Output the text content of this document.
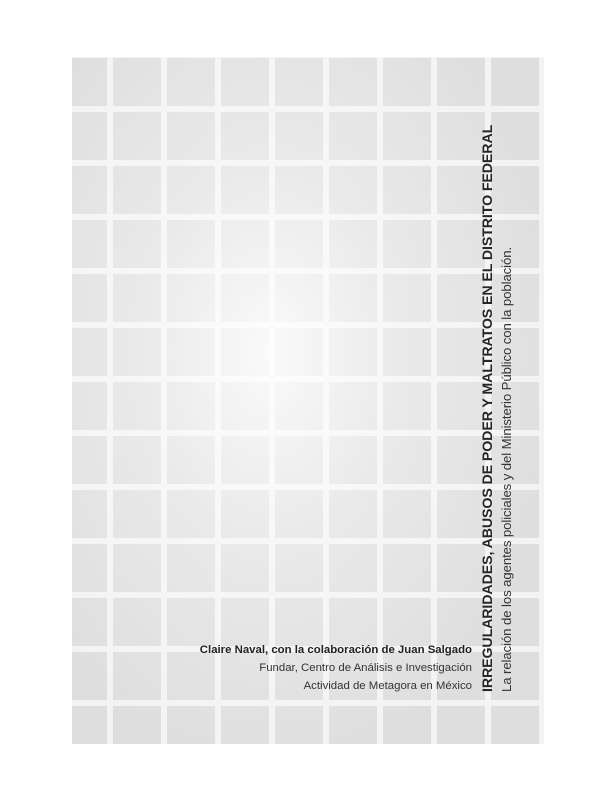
IRREGULARIDADES, ABUSOS DE PODER Y MALTRATOS EN EL DISTRITO FEDERAL La relación de los agentes policiales y del Ministerio Público con la población.
Claire Naval, con la colaboración de Juan Salgado
Fundar, Centro de Análisis e Investigación
Actividad de Metagora en México
